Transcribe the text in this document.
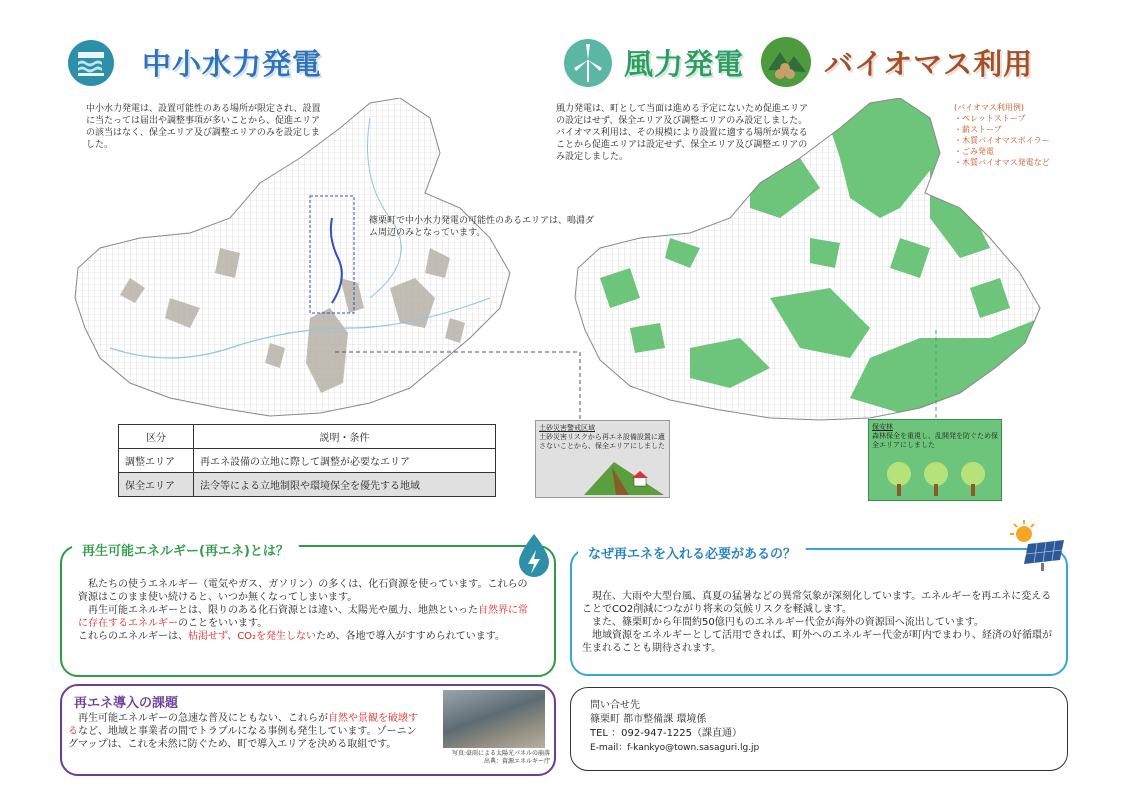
中小水力発電
中小水力発電は、設置可能性のある場所が限定され、設置に当たっては届出や調整事項が多いことから、促進エリアの該当はなく、保全エリア及び調整エリアのみを設定しました。
篠栗町で中小水力発電の可能性のあるエリアは、鳴淵ダム周辺のみとなっています。
風力発電	バイオマス利用
風力発電は、町として当面は進める予定にないため促進エリアの設定はせず、保全エリア及び調整エリアのみ設定しました。
バイオマス利用は、その規模により設置に適する場所が異なることから促進エリアは設定せず、保全エリア及び調整エリアのみ設定しました。
(バイオマス利用例)
・ペレットストーブ
・薪ストーブ
・木質バイオマスボイラー
・ごみ発電
・木質バイオマス発電など
土砂災害警戒区域
土砂災害リスクから再エネ設備設置に適さないことから、保全エリアにしました
保安林
森林保全を重視し、乱開発を防ぐため保全エリアにしました
区分	説明・条件
調整エリア	再エネ設備の立地に際して調整が必要なエリア
保全エリア	法令等による立地制限や環境保全を優先する地域
再生可能エネルギー(再エネ)とは？
私たちの使うエネルギー（電気やガス、ガソリン）の多くは、化石資源を使っています。これらの資源はこのまま使い続けると、いつか無くなってしまいます。
再生可能エネルギーとは、限りのある化石資源とは違い、太陽光や風力、地熱といった自然界に常に存在するエネルギーのことをいいます。
これらのエネルギーは、枯渇せず、CO₂を発生しないため、各地で導入がすすめられています。
なぜ再エネを入れる必要があるの？
現在、大雨や大型台風、真夏の猛暑などの異常気象が深刻化しています。エネルギーを再エネに変えることでCO2削減につながり将来の気候リスクを軽減します。
また、篠栗町から年間約50億円ものエネルギー代金が海外の資源国へ流出しています。
地域資源をエネルギーとして活用できれば、町外へのエネルギー代金が町内でまわり、経済の好循環が生まれることも期待されます。
再エネ導入の課題
再生可能エネルギーの急速な普及にともない、これらが自然や景観を破壊するなど、地域と事業者の間でトラブルになる事例も発生しています。ゾーニングマップは、これを未然に防ぐため、町で導入エリアを決める取組です。
写真:豪雨による太陽光パネルの崩落
出典：資源エネルギー庁
問い合せ先
篠栗町 都市整備課 環境係
TEL ：092-947-1225（課直通）
E-mail：f-kankyo@town.sasaguri.lg.jp
